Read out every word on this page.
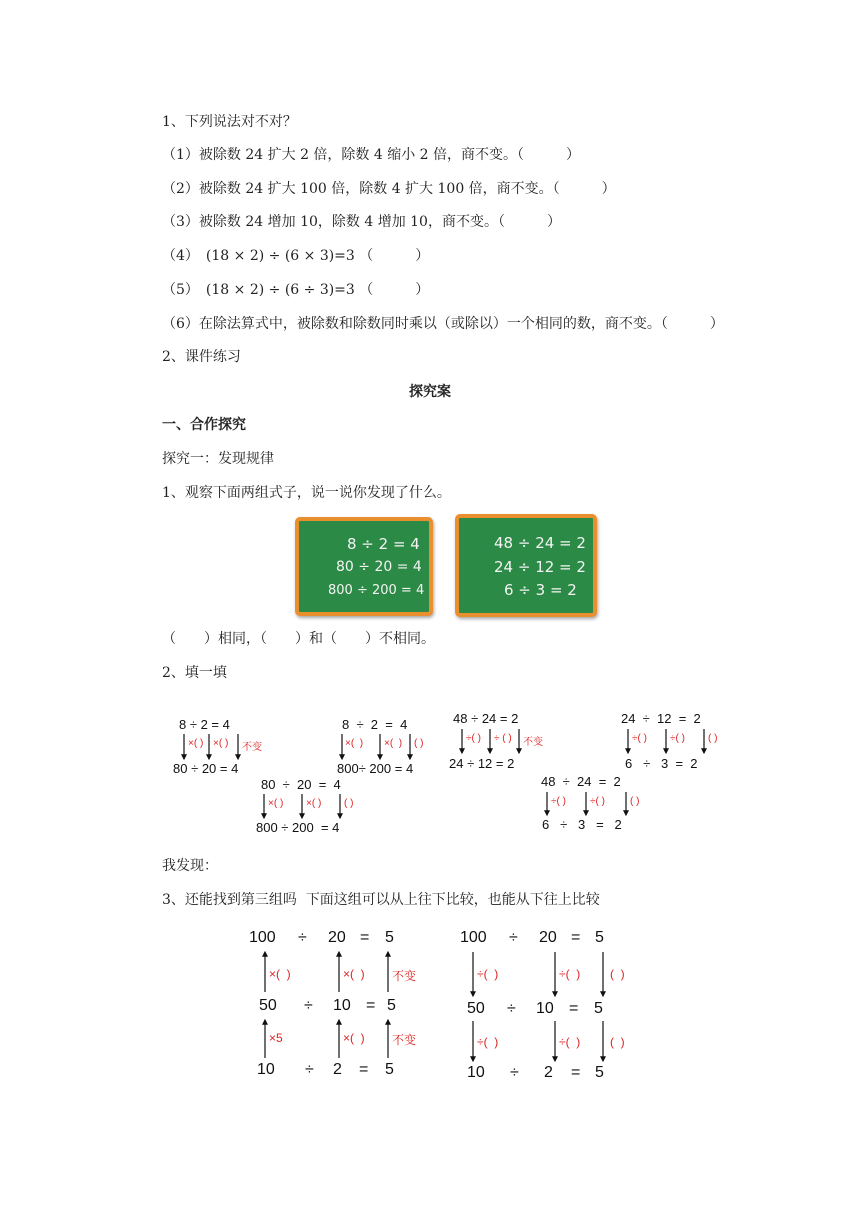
1、下列说法对不对？
（1）被除数 24 扩大 2 倍，除数 4 缩小 2 倍，商不变。（　　　）
（2）被除数 24 扩大 100 倍，除数 4 扩大 100 倍，商不变。（　　　）
（3）被除数 24 增加 10，除数 4 增加 10，商不变。（　　　）
（4）　(18 × 2) ÷ (6 × 3)=3 （　　　）
（5）　(18 × 2) ÷ (6 ÷ 3)=3 （　　　）
（6）在除法算式中，被除数和除数同时乘以（或除以）一个相同的数，商不变。（　　　）
2、课件练习
探究案
一、合作探究
探究一：发现规律
1、观察下面两组式子，说一说你发现了什么。
8 ÷ 2 = 4
80 ÷ 20 = 4
800 ÷ 200 = 4
48 ÷ 24 = 2
24 ÷ 12 = 2
6 ÷ 3 = 2
（　　）相同，（　　）和（　　）不相同。
2、填一填
8 ÷ 2 = 4
×( ) ×( ) 不变
80 ÷ 20 = 4
8  ÷  2  =  4
×(  ) ×(  ) ( )
800÷ 200 = 4
80  ÷  20  =  4
×( ) ×( ) ( )
800 ÷ 200  = 4
48 ÷ 24 = 2
÷( ) ÷ ( ) 不变
24 ÷ 12 = 2
48  ÷  24  =  2
÷( ) ÷( )	( )
6   ÷   3   =   2
24  ÷  12  =  2
÷( ) ÷( ) ( )
6   ÷   3  =  2
我发现：
3、还能找到第三组吗  下面这组可以从上往下比较，也能从下往上比较
100 ÷ 20 = 5
×(  )	×(  ) 不变
50 ÷ 10 = 5
×5	×(  ) 不变
10 ÷ 2 = 5
100 ÷ 20 = 5
÷(  )	÷(  ) (  )
50 ÷ 10 = 5
÷(  )	÷(  ) (  )
10 ÷ 2 = 5
